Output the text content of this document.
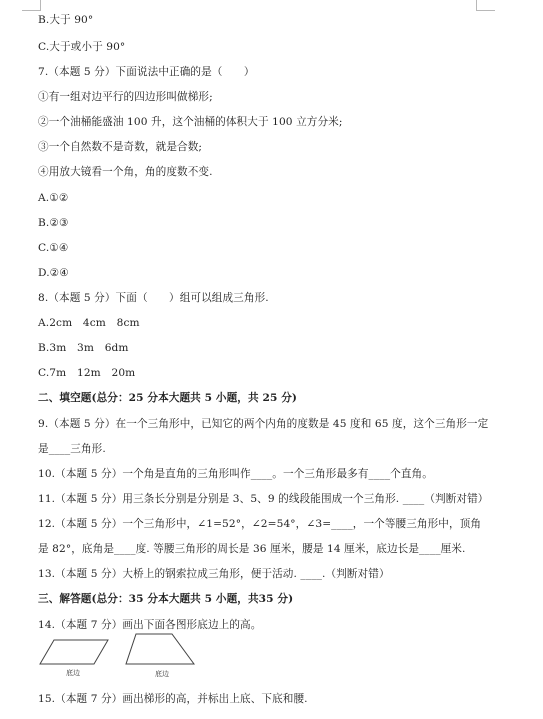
B.大于 90°
C.大于或小于 90°
7.（本题 5 分）下面说法中正确的是（　　）
①有一组对边平行的四边形叫做梯形;
②一个油桶能盛油 100 升，这个油桶的体积大于 100 立方分米;
③一个自然数不是奇数，就是合数;
④用放大镜看一个角，角的度数不变.
A.①②
B.②③
C.①④
D.②④
8.（本题 5 分）下面（　　）组可以组成三角形.
A.2cm　4cm　8cm
B.3m　3m　6dm
C.7m　12m　20m
二、填空题(总分：25 分本大题共 5 小题，共 25 分)
9.（本题 5 分）在一个三角形中，已知它的两个内角的度数是 45 度和 65 度，这个三角形一定
是____三角形.
10.（本题 5 分）一个角是直角的三角形叫作____。一个三角形最多有____个直角。
11.（本题 5 分）用三条长分别是分别是 3、5、9 的线段能围成一个三角形. ____（判断对错）
12.（本题 5 分）一个三角形中，∠1=52°，∠2=54°，∠3=____，一个等腰三角形中，顶角
是 82°，底角是____度. 等腰三角形的周长是 36 厘米，腰是 14 厘米，底边长是____厘米.
13.（本题 5 分）大桥上的钢索拉成三角形，便于活动. ____.（判断对错）
三、解答题(总分：35 分本大题共 5 小题，共35 分)
14.（本题 7 分）画出下面各图形底边上的高。
底边	底边
15.（本题 7 分）画出梯形的高，并标出上底、下底和腰.
